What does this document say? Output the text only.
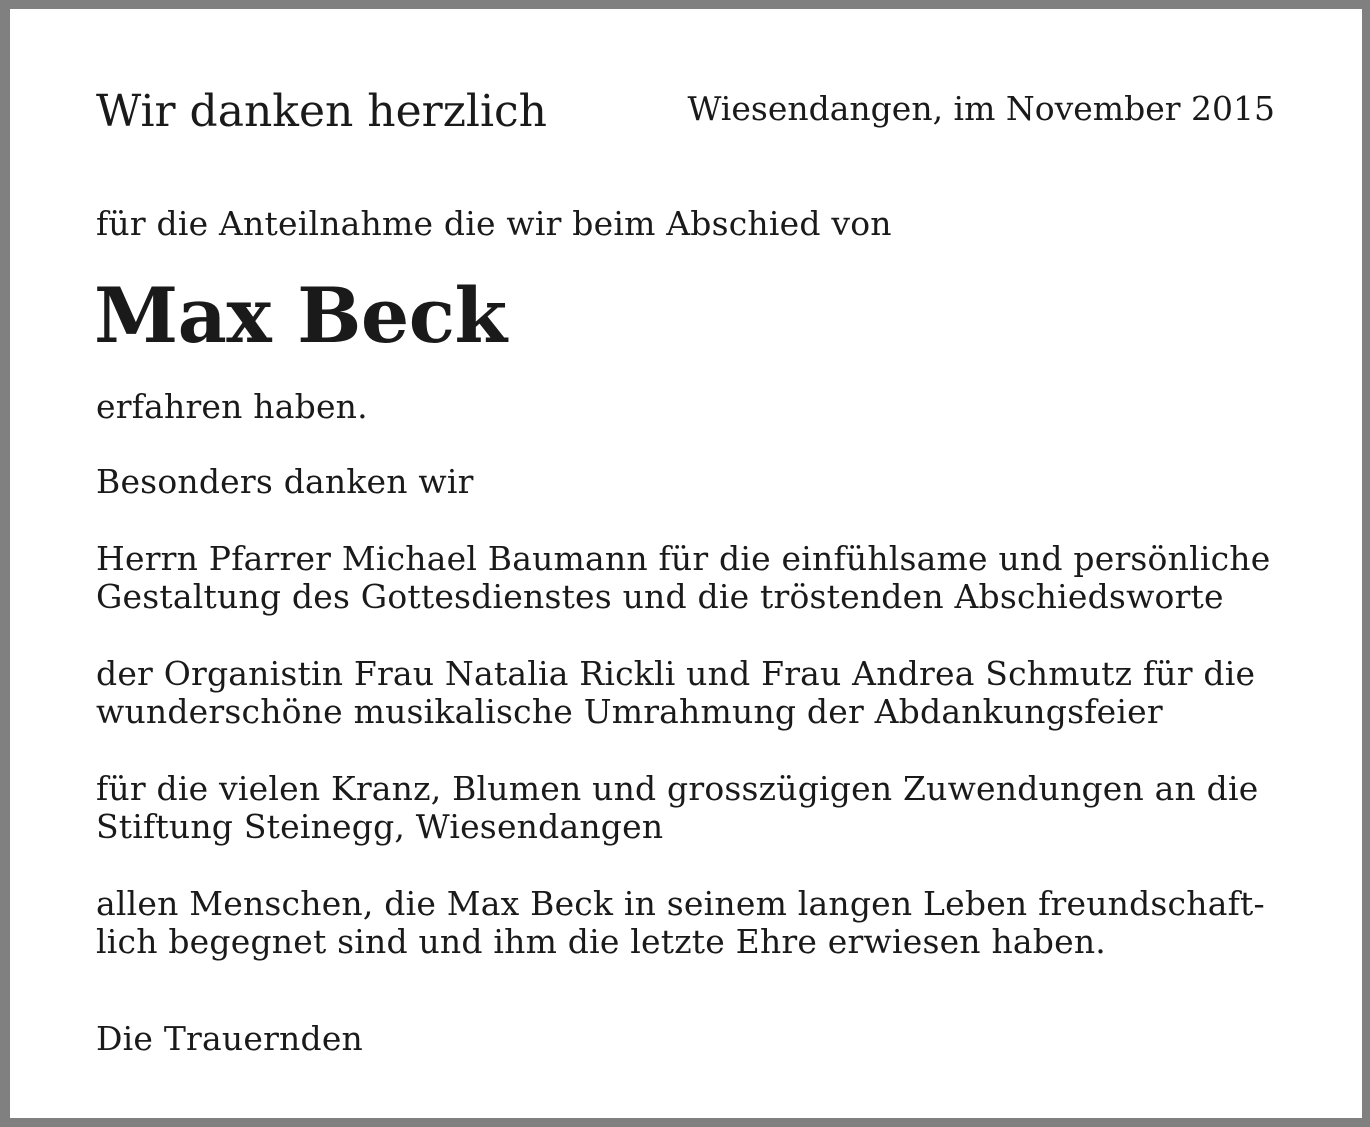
Wir danken herzlich	Wiesendangen, im November 2015
für die Anteilnahme die wir beim Abschied von
Max Beck
erfahren haben.
Besonders danken wir
Herrn Pfarrer Michael Baumann für die einfühlsame und persönliche
Gestaltung des Gottesdienstes und die tröstenden Abschiedsworte
der Organistin Frau Natalia Rickli und Frau Andrea Schmutz für die
wunderschöne musikalische Umrahmung der Abdankungsfeier
für die vielen Kranz, Blumen und grosszügigen Zuwendungen an die
Stiftung Steinegg, Wiesendangen
allen Menschen, die Max Beck in seinem langen Leben freundschaft-
lich begegnet sind und ihm die letzte Ehre erwiesen haben.
Die Trauernden
